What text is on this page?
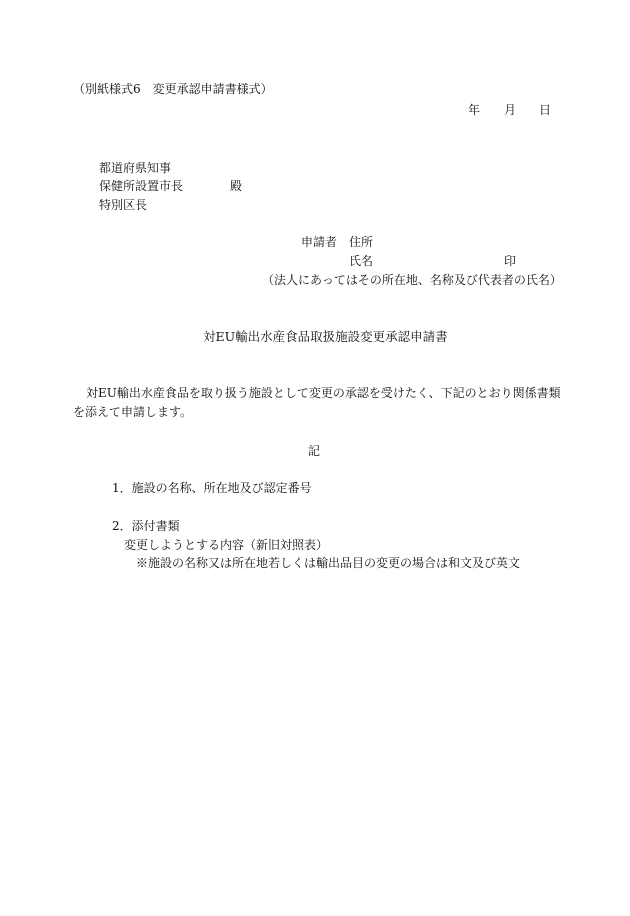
（別紙様式6　変更承認申請書様式）
年 月 日
都道府県知事
保健所設置市長	殿
特別区長
申請者 住所
氏名	印
（法人にあってはその所在地、名称及び代表者の氏名）
対EU輸出水産食品取扱施設変更承認申請書
対EU輸出水産食品を取り扱う施設として変更の承認を受けたく、下記のとおり関係書類
を添えて申請します。
記
1．施設の名称、所在地及び認定番号
2．添付書類
変更しようとする内容（新旧対照表）
※施設の名称又は所在地若しくは輸出品目の変更の場合は和文及び英文
